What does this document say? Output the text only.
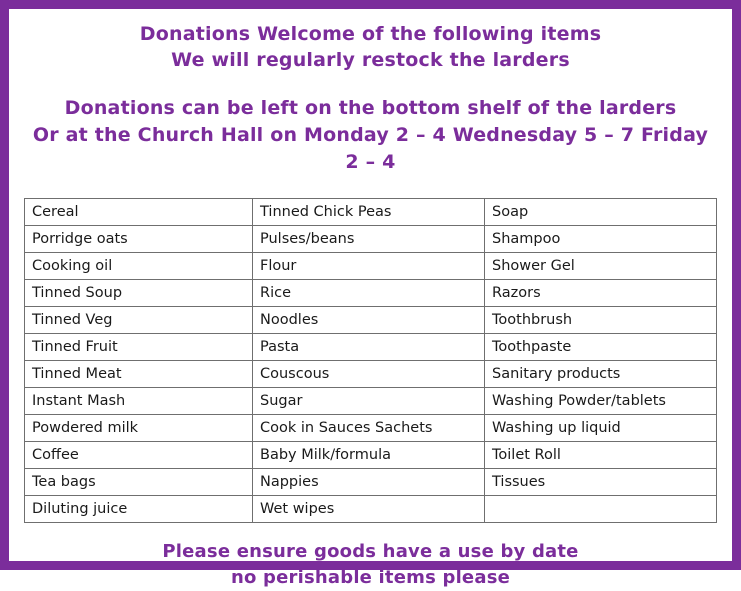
Donations Welcome of the following items
We will regularly restock the larders
Donations can be left on the bottom shelf of the larders
Or at the Church Hall on Monday 2 – 4 Wednesday 5 – 7 Friday 2 – 4
Cereal	Tinned Chick Peas	Soap
Porridge oats	Pulses/beans	Shampoo
Cooking oil	Flour	Shower Gel
Tinned Soup	Rice	Razors
Tinned Veg	Noodles	Toothbrush
Tinned Fruit	Pasta	Toothpaste
Tinned Meat	Couscous	Sanitary products
Instant Mash	Sugar	Washing Powder/tablets
Powdered milk	Cook in Sauces Sachets	Washing up liquid
Coffee	Baby Milk/formula	Toilet Roll
Tea bags	Nappies	Tissues
Diluting juice	Wet wipes	
Please ensure goods have a use by date
no perishable items please
